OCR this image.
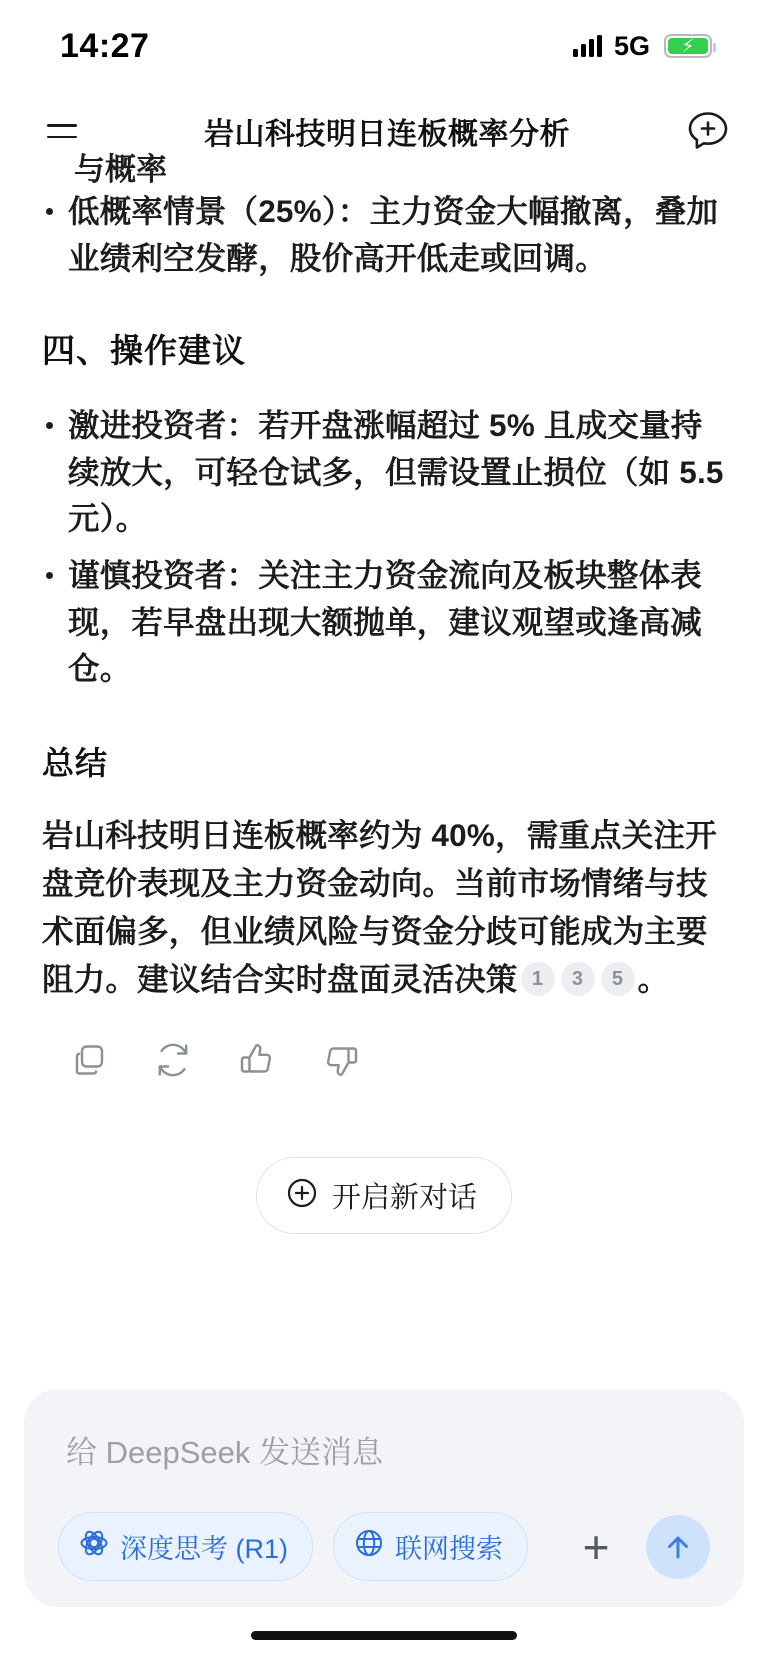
14:27	5G ⚡
岩山科技明日连板概率分析
与概率
低概率情景（25%）：主力资金大幅撤离，叠加业绩利空发酵，股价高开低走或回调。
四、操作建议
激进投资者：若开盘涨幅超过 5% 且成交量持续放大，可轻仓试多，但需设置止损位（如 5.5 元）。
谨慎投资者：关注主力资金流向及板块整体表现，若早盘出现大额抛单，建议观望或逢高减仓。
总结

岩山科技明日连板概率约为 40%，需重点关注开盘竞价表现及主力资金动向。当前市场情绪与技术面偏多，但业绩风险与资金分歧可能成为主要阻力。建议结合实时盘面灵活决策 1 3 5 。

开启新对话
给 DeepSeek 发送消息
深度思考 (R1)	联网搜索	+
